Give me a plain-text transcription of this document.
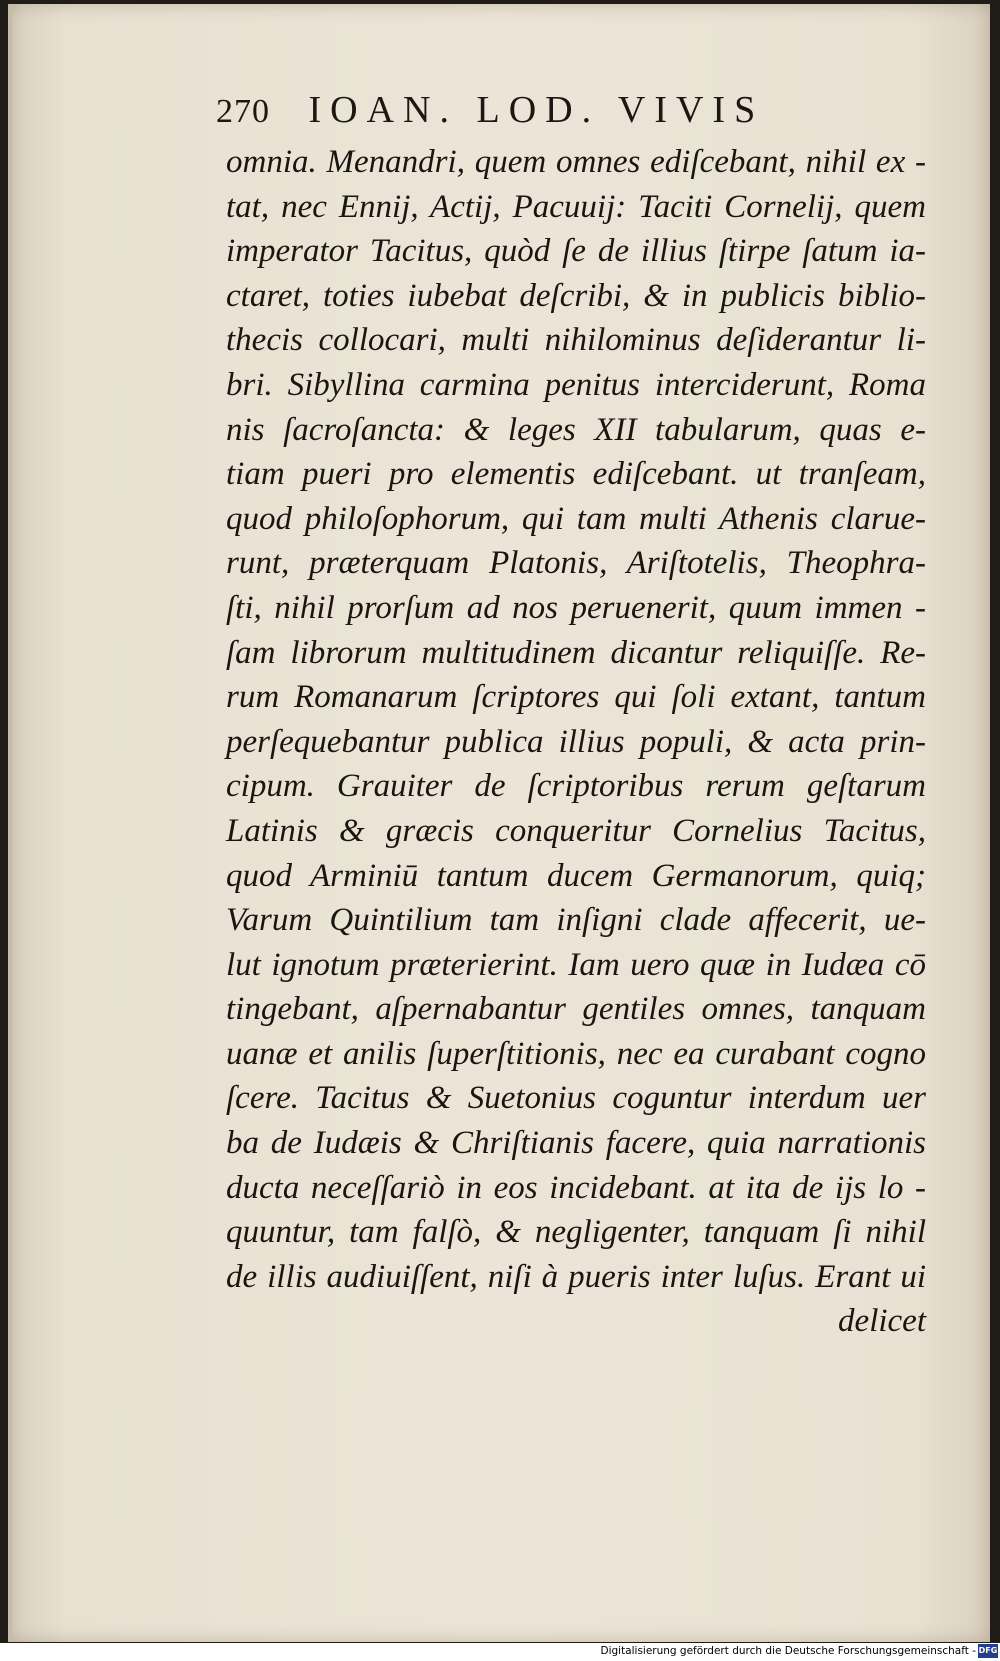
270 IOAN. LOD. VIVIS
omnia. Menandri, quem omnes ediſcebant, nihil ex -
tat, nec Ennij, Actij, Pacuuij: Taciti Cornelij, quem
imperator Tacitus, quòd ſe de illius ſtirpe ſatum ia-
ctaret, toties iubebat deſcribi, & in publicis biblio-
thecis collocari, multi nihilominus deſiderantur li-
bri. Sibyllina carmina penitus interciderunt, Roma
nis ſacroſancta: & leges XII tabularum, quas e-
tiam pueri pro elementis ediſcebant. ut tranſeam,
quod philoſophorum, qui tam multi Athenis clarue-
runt, præterquam Platonis, Ariſtotelis, Theophra-
ſti, nihil prorſum ad nos peruenerit, quum immen -
ſam librorum multitudinem dicantur reliquiſſe. Re-
rum Romanarum ſcriptores qui ſoli extant, tantum
perſequebantur publica illius populi, & acta prin-
cipum. Grauiter de ſcriptoribus rerum geſtarum
Latinis & græcis conqueritur Cornelius Tacitus,
quod Arminiū tantum ducem Germanorum, quiq;
Varum Quintilium tam inſigni clade affecerit, ue-
lut ignotum præterierint. Iam uero quæ in Iudæa cō
tingebant, aſpernabantur gentiles omnes, tanquam
uanæ et anilis ſuperſtitionis, nec ea curabant cogno
ſcere. Tacitus & Suetonius coguntur interdum uer
ba de Iudæis & Chriſtianis facere, quia narrationis
ducta neceſſariò in eos incidebant. at ita de ijs lo -
quuntur, tam falſò, & negligenter, tanquam ſi nihil
de illis audiuiſſent, niſi à pueris inter luſus. Erant ui
delicet
Digitalisierung gefördert durch die Deutsche Forschungsgemeinschaft - DFG
